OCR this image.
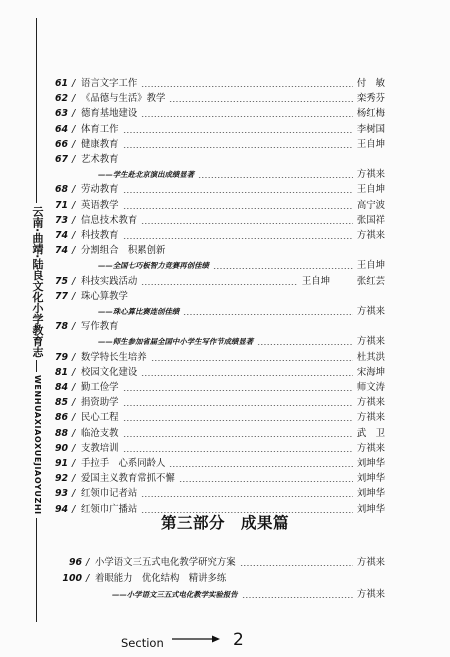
云南·曲靖·陆良文化小学教育志
WENHUAXIAOXUEJIAOYUZHI
61 / 语言文字工作	付　敏
62 / 《品德与生活》教学	栾秀芬
63 / 德育基地建设	杨红梅
64 / 体育工作	李树国
66 / 健康教育	王自坤
67 / 艺术教育
——学生赴北京演出成绩显著	方祺来
68 / 劳动教育	王自坤
71 / 英语教学	高宁波
73 / 信息技术教育	张国祥
74 / 科技教育	方祺来
74 / 分割组合　积累创新
——全国七巧板智力竞赛再创佳绩	王自坤
75 / 科技实践活动	王自坤	张红芸
77 / 珠心算教学
——珠心算比赛连创佳绩	方祺来
78 / 写作教育
——师生参加省届全国中小学生写作节成绩显著	方祺来
79 / 数学特长生培养	杜其洪
81 / 校园文化建设	宋海坤
84 / 勤工俭学	师文涛
85 / 捐资助学	方祺来
86 / 民心工程	方祺来
88 / 临沧支教	武　卫
90 / 支教培训	方祺来
91 / 手拉手　心系同龄人	刘坤华
92 / 爱国主义教育常抓不懈	刘坤华
93 / 红领巾记者站	刘坤华
94 / 红领巾广播站	刘坤华
第三部分　成果篇
96 / 小学语文三五式电化教学研究方案	方祺来
100 / 着眼能力　优化结构　精讲多练
——小学语文三五式电化教学实验报告	方祺来
Section	2
